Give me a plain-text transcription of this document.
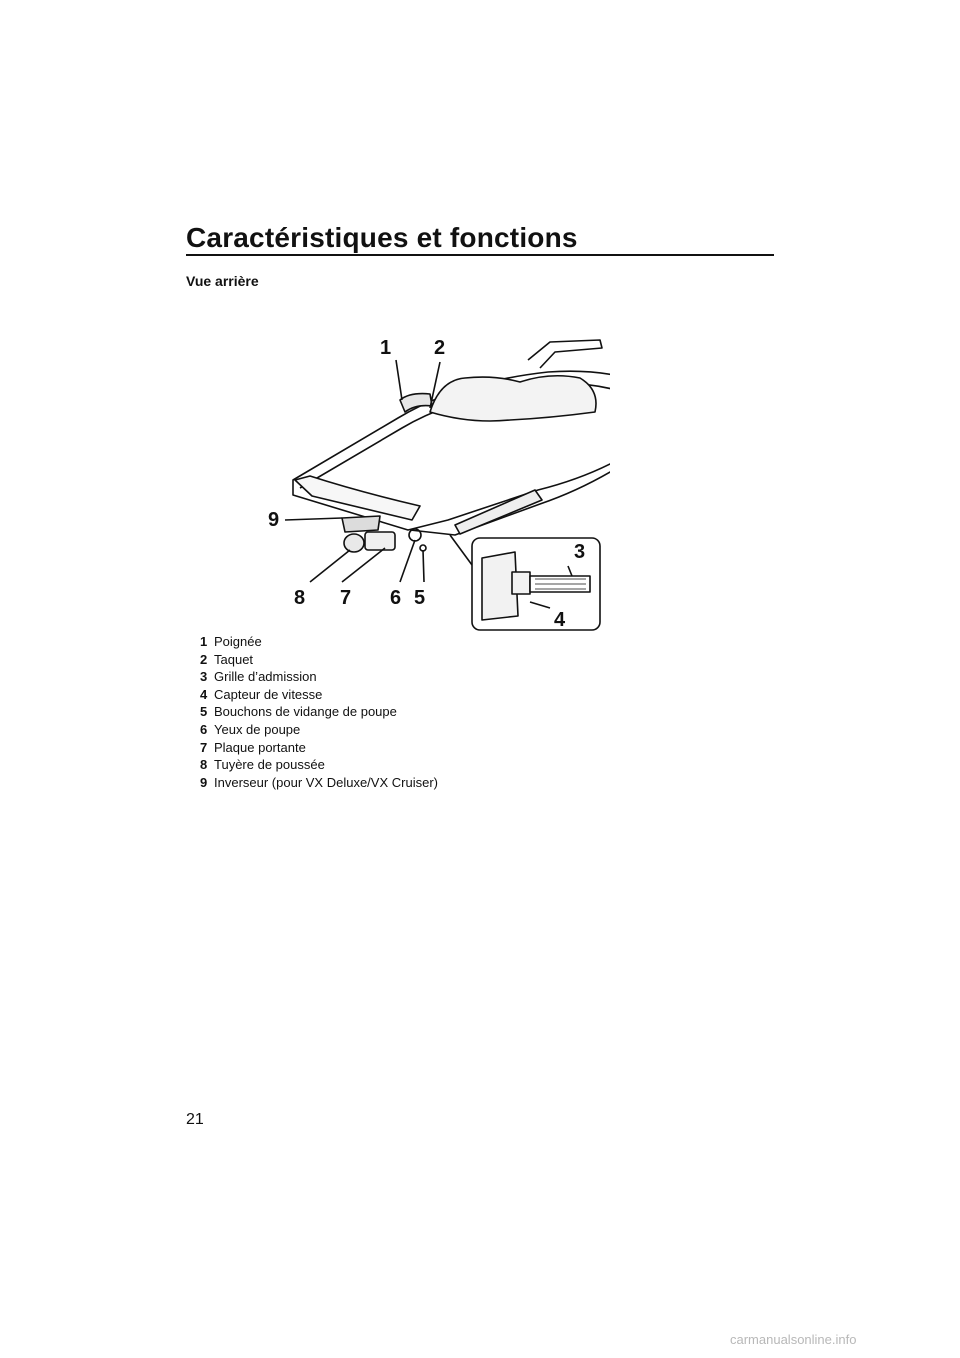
Caractéristiques et fonctions
Vue arrière
1 2
3
4
5
6
7
8
9
1 Poignée
2 Taquet
3 Grille d’admission
4 Capteur de vitesse
5 Bouchons de vidange de poupe
6 Yeux de poupe
7 Plaque portante
8 Tuyère de poussée
9 Inverseur (pour VX Deluxe/VX Cruiser)
21
carmanualsonline.info
